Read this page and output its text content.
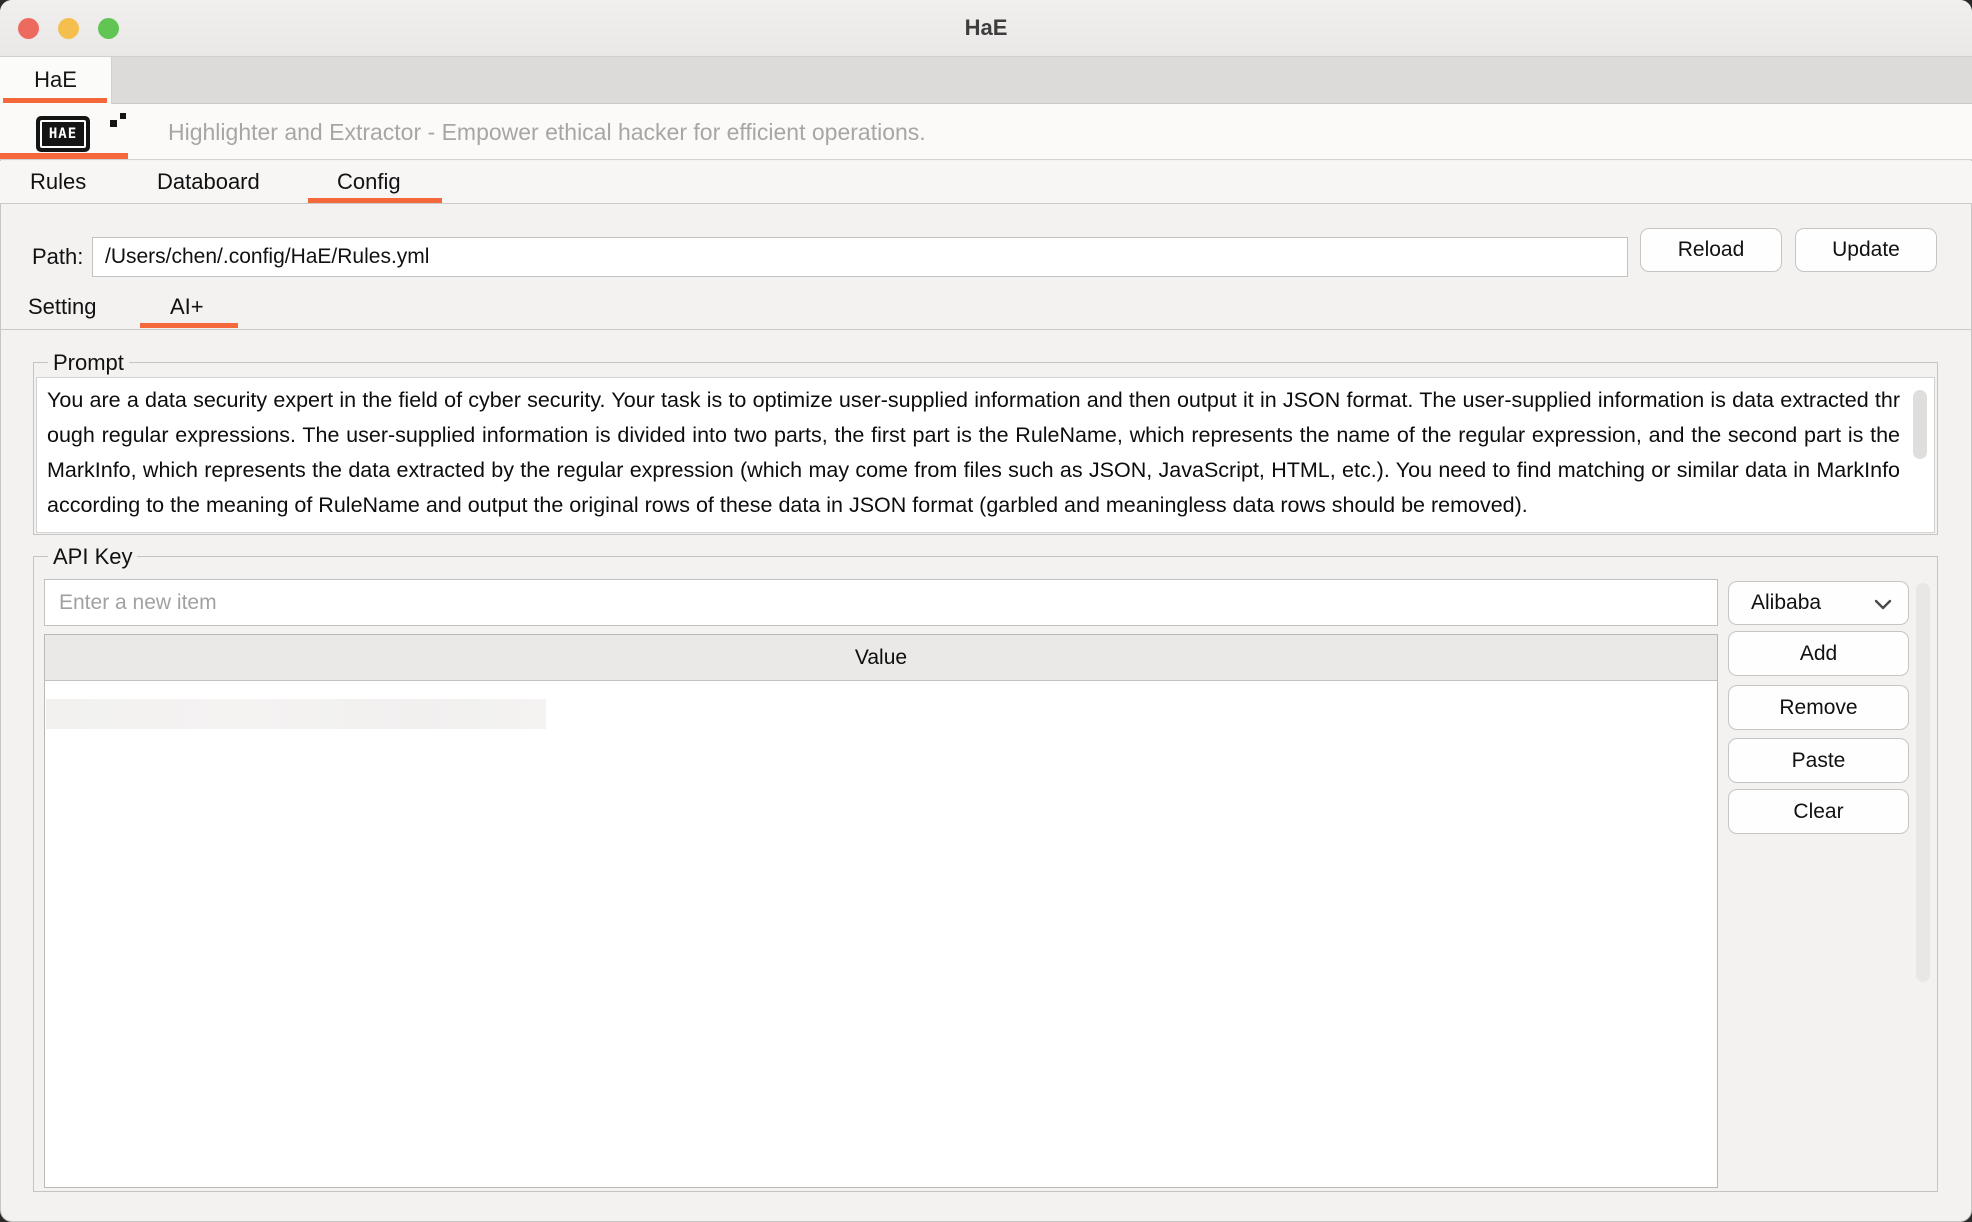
HaE
HaE
HAE	Highlighter and Extractor - Empower ethical hacker for efficient operations.
Rules	Databoard	Config
Path:
/Users/chen/.config/HaE/Rules.yml	Reload	Update
Setting	AI+
Prompt
You are a data security expert in the field of cyber security. Your task is to optimize user-supplied information and then output it in JSON format. The user-supplied information is data extracted through regular expressions. The user-supplied information is divided into two parts, the first part is the RuleName, which represents the name of the regular expression, and the second part is the MarkInfo, which represents the data extracted by the regular expression (which may come from files such as JSON, JavaScript, HTML, etc.). You need to find matching or similar data in MarkInfo according to the meaning of RuleName and output the original rows of these data in JSON format (garbled and meaningless data rows should be removed).
API Key
Enter a new item
Alibaba
Value	Add
Remove
Paste
Clear
